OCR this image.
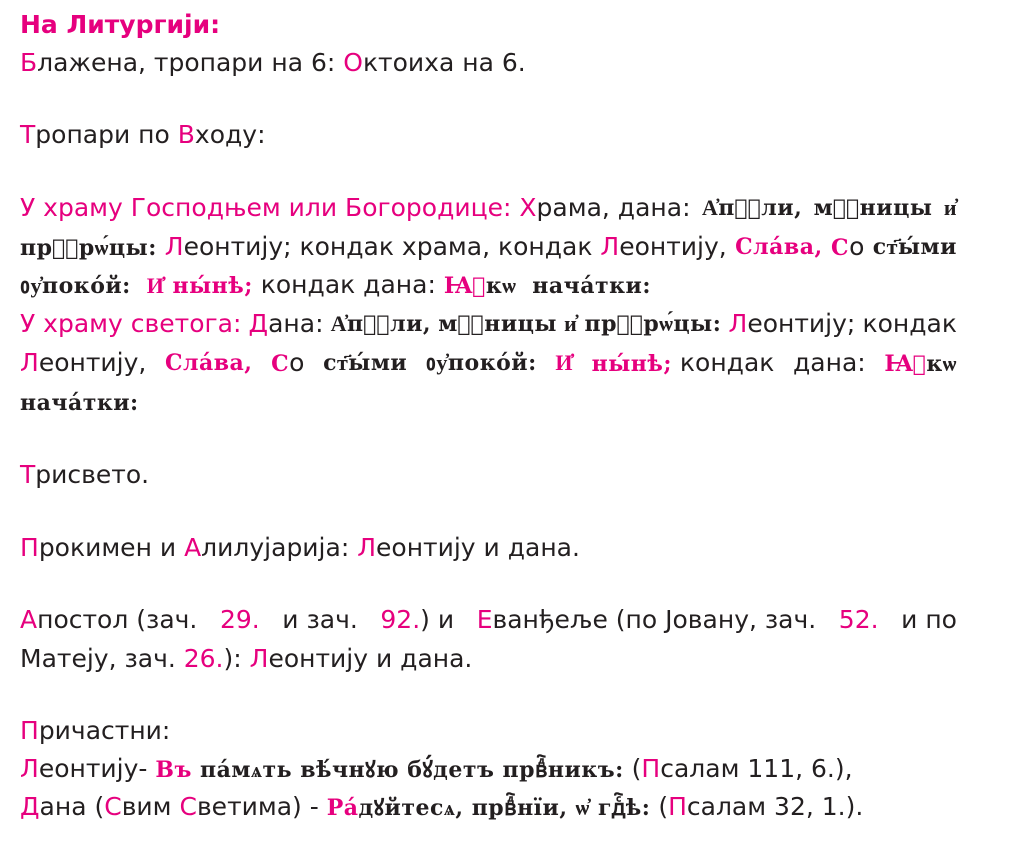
На Литургији:
Блажена, тропари на 6: Октоиха на 6.
Тропари по Входу:
У храму Господњем или Богородице: Храма, дана: А҆пⷭ҇ли, мⷱ҇ницы и҆
прⷪ҇рѡ́цы: Леонтију; кондак храма, кондак Леонтију, Сла́ва, Со ст҃ы́ми
ᲂу҆поко́й: И҆ ны́нѣ; кондак дана: Ꙗ҆кѡ нача́тки:
У храму светога: Дана: А҆пⷭ҇ли, мⷱ҇ницы и҆ прⷪ҇рѡ́цы: Леонтију; кондак
Леонтију, Сла́ва, Со ст҃ы́ми ᲂу҆поко́й: И҆ ны́нѣ; кондак дана: Ꙗ҆кѡ
нача́тки:
Трисвето.
Прокимен и Алилујарија: Леонтију и дана.
Апостол (зач. 29. и зач. 92.) и Еванђеље (по Јовану, зач. 52. и по
Матеју, зач. 26.): Леонтију и дана.
Причастни:
Леонтију- Въ па́мѧть вѣ́чнꙋю бꙋ́детъ првⷣ҇никъ: (Псалам 111, 6.),
Дана (Свим Светима) - Ра́дꙋйтесѧ, првⷣ҇нїи, ѡ҆ гдⷭ҇ѣ: (Псалам 32, 1.).
